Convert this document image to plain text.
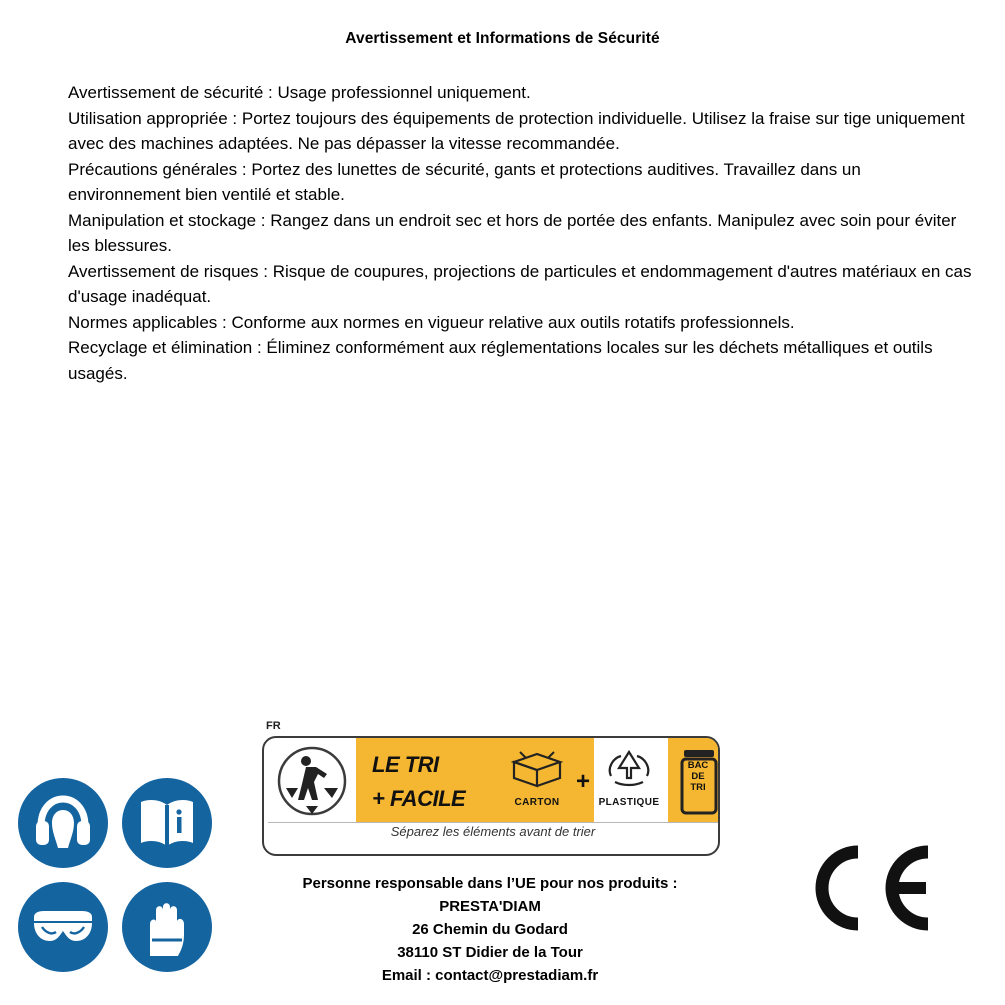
Avertissement et Informations de Sécurité

Avertissement de sécurité : Usage professionnel uniquement.

Utilisation appropriée : Portez toujours des équipements de protection individuelle. Utilisez la fraise sur tige uniquement avec des machines adaptées. Ne pas dépasser la vitesse recommandée.

Précautions générales : Portez des lunettes de sécurité, gants et protections auditives. Travaillez dans un environnement bien ventilé et stable.

Manipulation et stockage : Rangez dans un endroit sec et hors de portée des enfants. Manipulez avec soin pour éviter les blessures.

Avertissement de risques : Risque de coupures, projections de particules et endommagement d'autres matériaux en cas d'usage inadéquat.

Normes applicables : Conforme aux normes en vigueur relative aux outils rotatifs professionnels.

Recyclage et élimination : Éliminez conformément aux réglementations locales sur les déchets métalliques et outils usagés.

FR
LE TRI
+ FACILE	CARTON
+
PLASTIQUE
BAC
DE
TRI
Séparez les éléments avant de trier
Personne responsable dans l’UE pour nos produits :
PRESTA'DIAM
26 Chemin du Godard
38110 ST Didier de la Tour
Email : contact@prestadiam.fr
